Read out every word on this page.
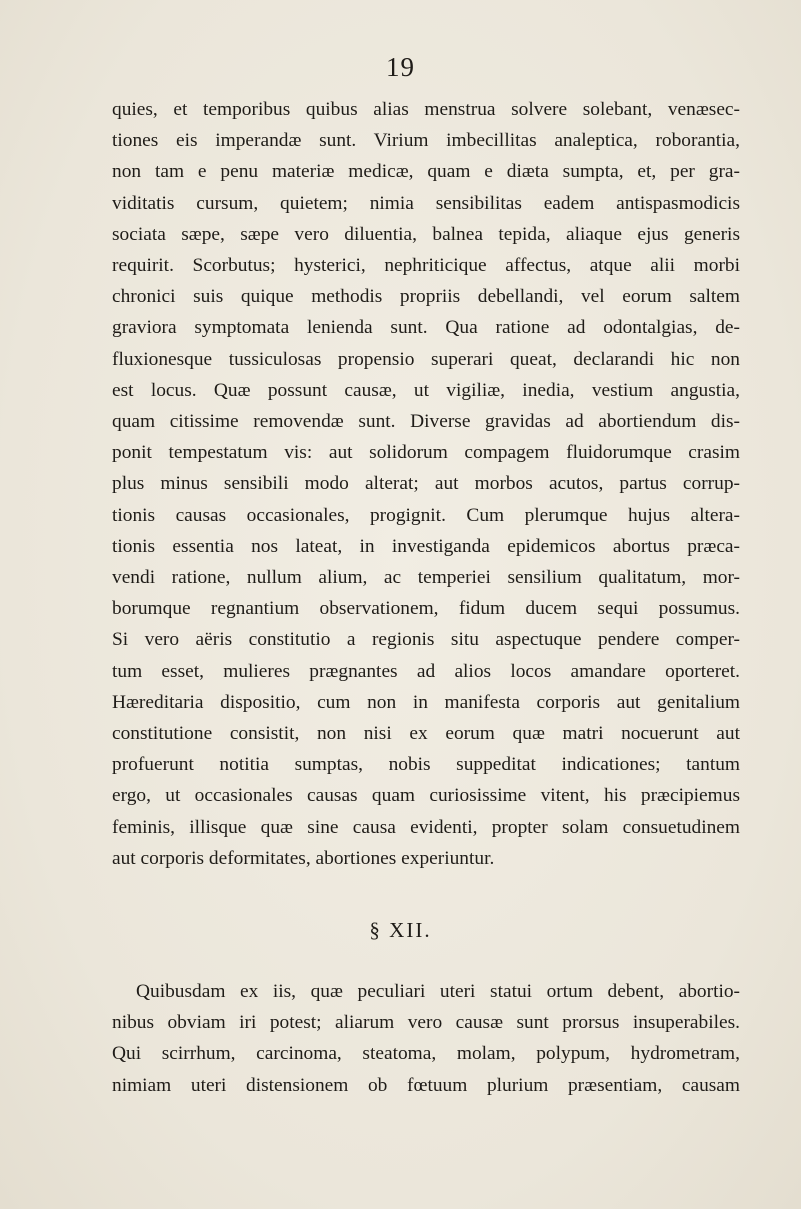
19
quies, et temporibus quibus alias menstrua solvere solebant, venæsec-
tiones eis imperandæ sunt. Virium imbecillitas analeptica, roborantia,
non tam e penu materiæ medicæ, quam e diæta sumpta, et, per gra-
viditatis cursum, quietem; nimia sensibilitas eadem antispasmodicis
sociata sæpe, sæpe vero diluentia, balnea tepida, aliaque ejus generis
requirit. Scorbutus; hysterici, nephriticique affectus, atque alii morbi
chronici suis quique methodis propriis debellandi, vel eorum saltem
graviora symptomata lenienda sunt. Qua ratione ad odontalgias, de-
fluxionesque tussiculosas propensio superari queat, declarandi hic non
est locus. Quæ possunt causæ, ut vigiliæ, inedia, vestium angustia,
quam citissime removendæ sunt. Diverse gravidas ad abortiendum dis-
ponit tempestatum vis: aut solidorum compagem fluidorumque crasim
plus minus sensibili modo alterat; aut morbos acutos, partus corrup-
tionis causas occasionales, progignit. Cum plerumque hujus altera-
tionis essentia nos lateat, in investiganda epidemicos abortus præca-
vendi ratione, nullum alium, ac temperiei sensilium qualitatum, mor-
borumque regnantium observationem, fidum ducem sequi possumus.
Si vero aëris constitutio a regionis situ aspectuque pendere comper-
tum esset, mulieres prægnantes ad alios locos amandare oporteret.
Hæreditaria dispositio, cum non in manifesta corporis aut genitalium
constitutione consistit, non nisi ex eorum quæ matri nocuerunt aut
profuerunt notitia sumptas, nobis suppeditat indicationes; tantum
ergo, ut occasionales causas quam curiosissime vitent, his præcipiemus
feminis, illisque quæ sine causa evidenti, propter solam consuetudinem
aut corporis deformitates, abortiones experiuntur.
§ XII.
Quibusdam ex iis, quæ peculiari uteri statui ortum debent, abortio-
nibus obviam iri potest; aliarum vero causæ sunt prorsus insuperabiles.
Qui scirrhum, carcinoma, steatoma, molam, polypum, hydrometram,
nimiam uteri distensionem ob fœtuum plurium præsentiam, causam
